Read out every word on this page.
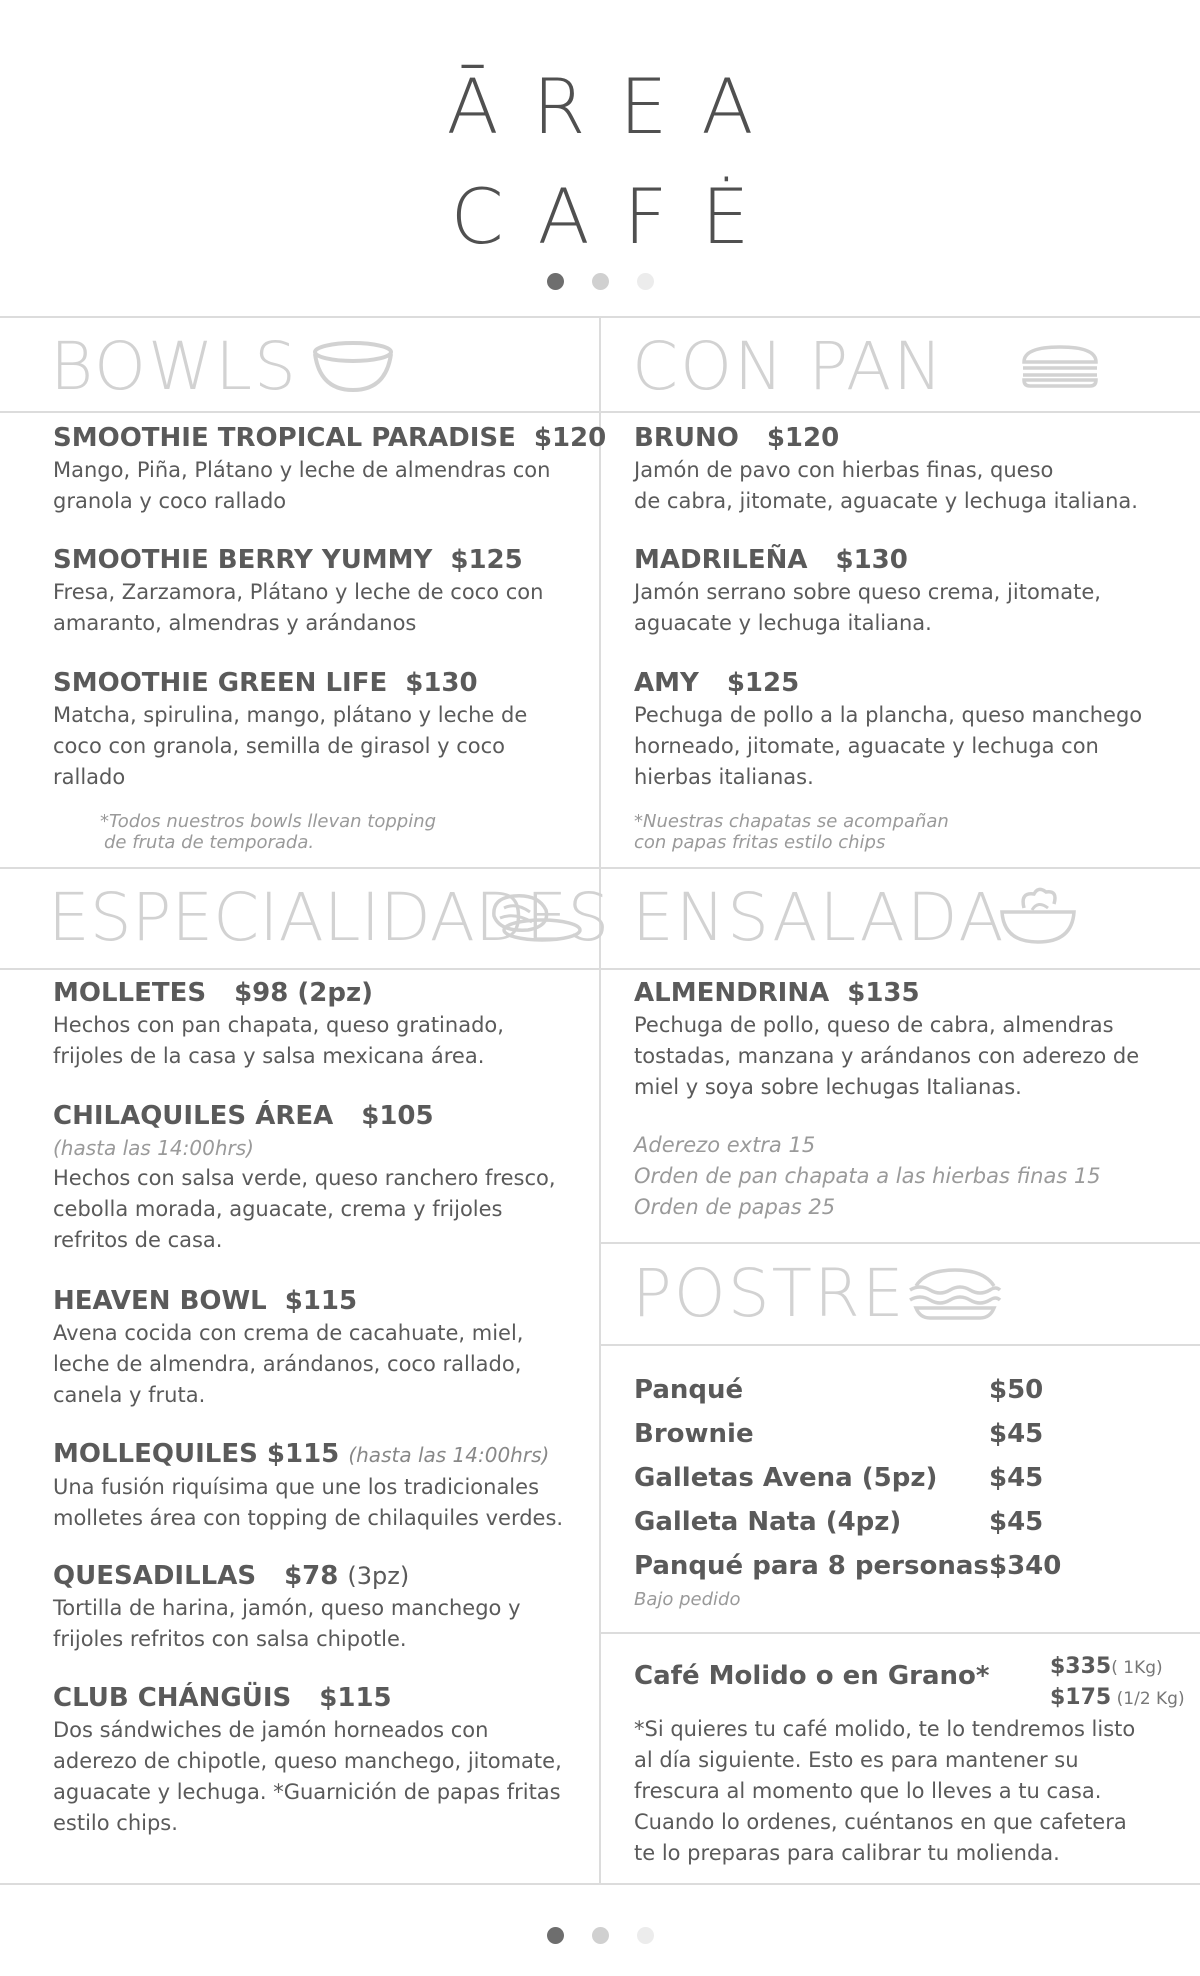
ĀREA
CAFĖ
BOWLS
SMOOTHIE TROPICAL PARADISE $120
Mango, Piña, Plátano y leche de almendras con granola y coco rallado
SMOOTHIE BERRY YUMMY $125
Fresa, Zarzamora, Plátano y leche de coco con amaranto, almendras y arándanos
SMOOTHIE GREEN LIFE $130
Matcha, spirulina, mango, plátano y leche de coco con granola, semilla de girasol y coco rallado
*Todos nuestros bowls llevan topping
de fruta de temporada.
CON PAN
BRUNO $120
Jamón de pavo con hierbas finas, queso
de cabra, jitomate, aguacate y lechuga italiana.
MADRILEÑA $130
Jamón serrano sobre queso crema, jitomate, aguacate y lechuga italiana.
AMY $125
Pechuga de pollo a la plancha, queso manchego horneado, jitomate, aguacate y lechuga con hierbas italianas.
*Nuestras chapatas se acompañan
con papas fritas estilo chips
ESPECIALIDADES
MOLLETES $98 (2pz)
Hechos con pan chapata, queso gratinado, frijoles de la casa y salsa mexicana área.
CHILAQUILES ÁREA $105
(hasta las 14:00hrs)
Hechos con salsa verde, queso ranchero fresco, cebolla morada, aguacate, crema y frijoles refritos de casa.
HEAVEN BOWL $115
Avena cocida con crema de cacahuate, miel, leche de almendra, arándanos, coco rallado, canela y fruta.
MOLLEQUILES $115 (hasta las 14:00hrs)
Una fusión riquísima que une los tradicionales
molletes área con topping de chilaquiles verdes.
QUESADILLAS $78 (3pz)
Tortilla de harina, jamón, queso manchego y frijoles refritos con salsa chipotle.
CLUB CHÁNGÜIS $115
Dos sándwiches de jamón horneados con aderezo de chipotle, queso manchego, jitomate, aguacate y lechuga. *Guarnición de papas fritas estilo chips.
ENSALADA
ALMENDRINA $135
Pechuga de pollo, queso de cabra, almendras tostadas, manzana y arándanos con aderezo de miel y soya sobre lechugas Italianas.
Aderezo extra 15
Orden de pan chapata a las hierbas finas 15
Orden de papas 25
POSTRE
Panqué	$50
Brownie	$45
Galletas Avena (5pz) $45
Galleta Nata (4pz)	$45
Panqué para 8 personas $340
Bajo pedido
Café Molido o en Grano*	$335( 1Kg)
$175 (1/2 Kg)
*Si quieres tu café molido, te lo tendremos listo al día siguiente. Esto es para mantener su frescura al momento que lo lleves a tu casa. Cuando lo ordenes, cuéntanos en que cafetera te lo preparas para calibrar tu molienda.
